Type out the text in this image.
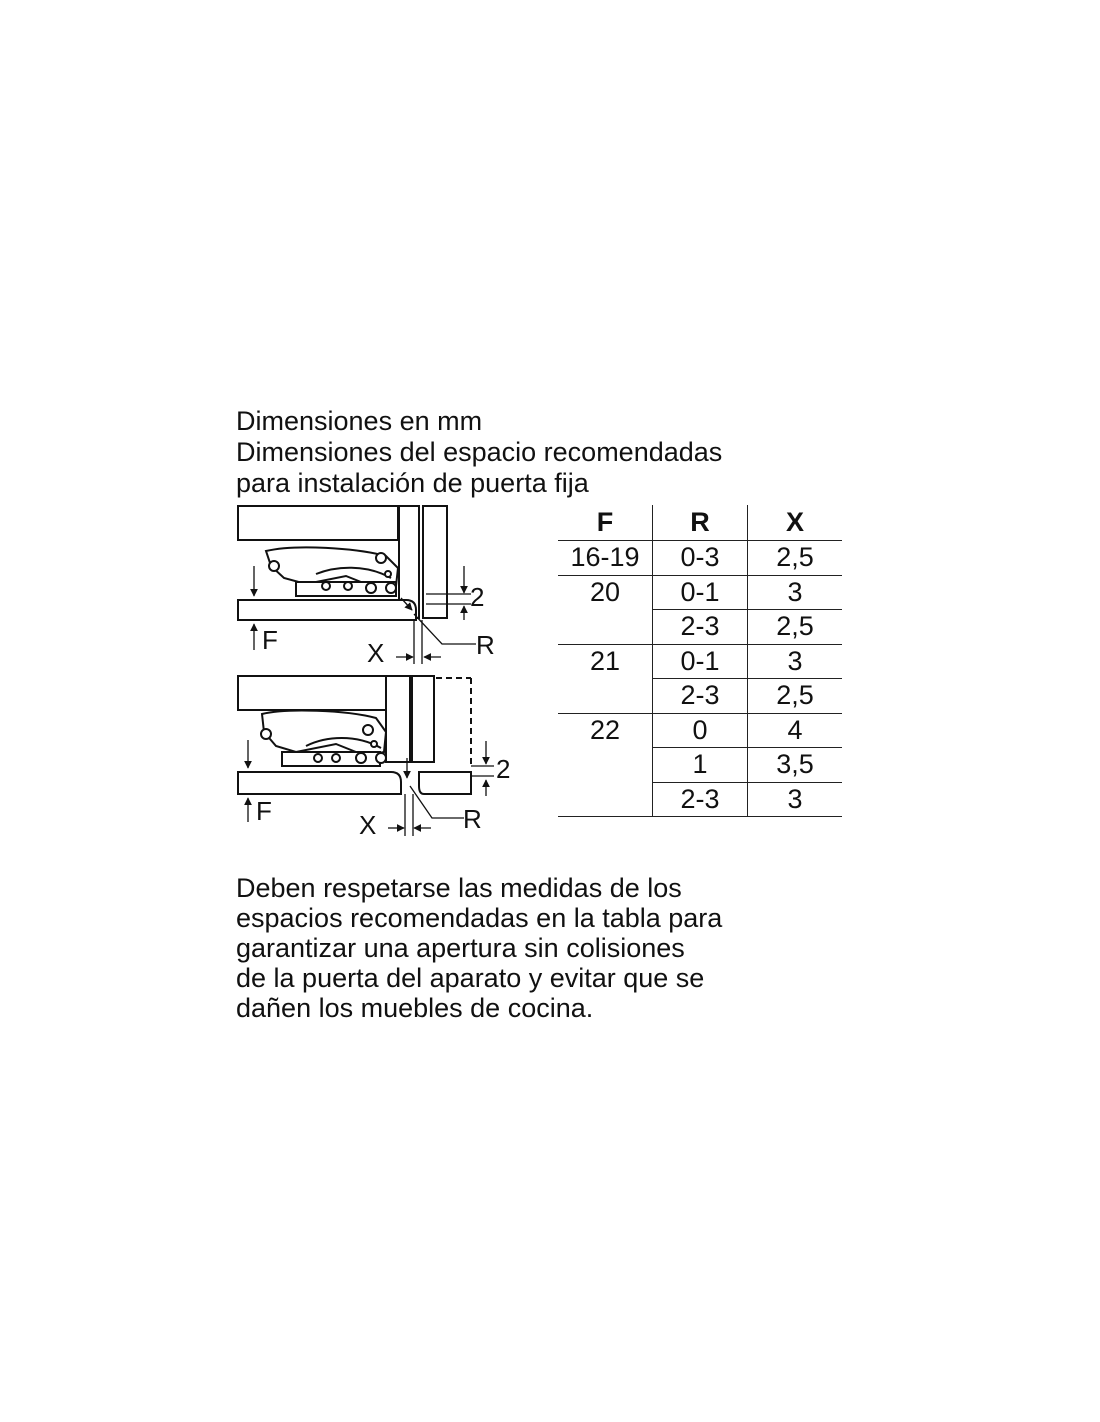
Dimensiones en mm
Dimensiones del espacio recomendadas
para instalación de puerta fija
2
F	X	R
2
F	X	R
F	R	X
16-19	0-3	2,5
20	0-1	3
	2-3	2,5
21	0-1	3
	2-3	2,5
22	0	4
	1	3,5
	2-3	3
Deben respetarse las medidas de los
espacios recomendadas en la tabla para
garantizar una apertura sin colisiones
de la puerta del aparato y evitar que se
dañen los muebles de cocina.
